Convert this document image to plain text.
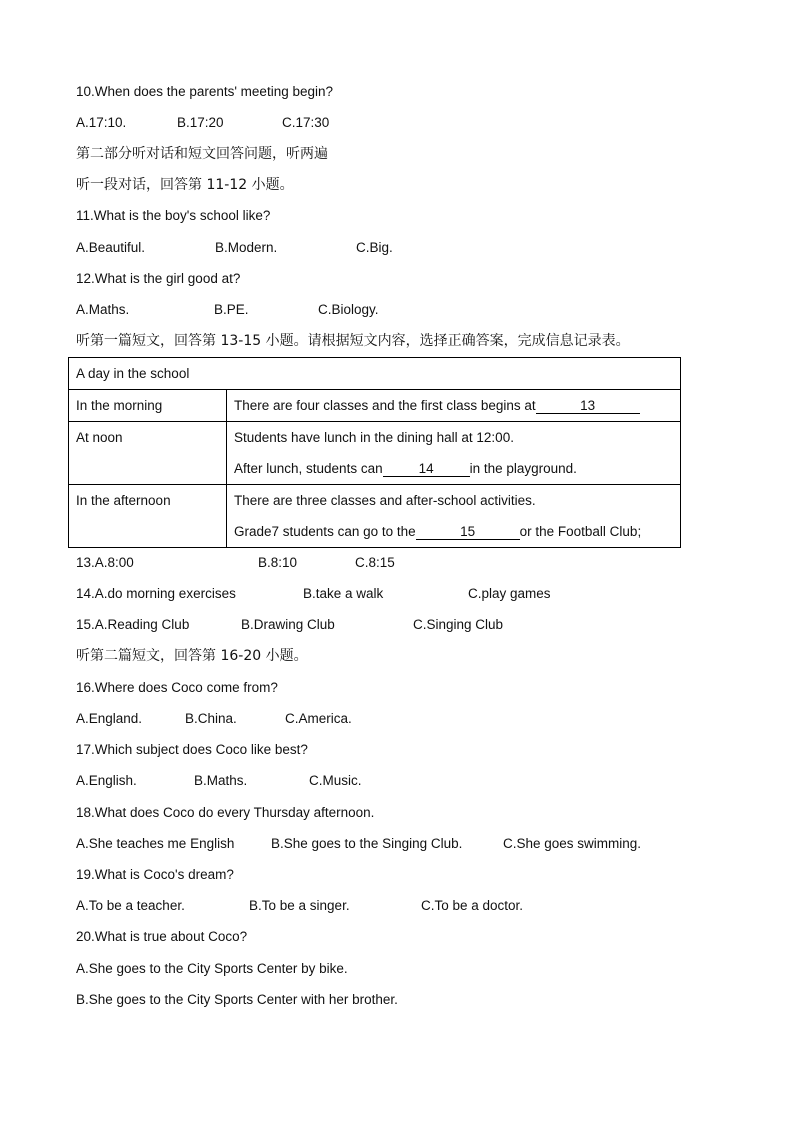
10.When does the parents' meeting begin?
A.17:10.	B.17:20	C.17:30
第二部分听对话和短文回答问题，听两遍
听一段对话，回答第 11-12 小题。
11.What is the boy's school like?
A.Beautiful.	B.Modern.	C.Big.
12.What is the girl good at?
A.Maths.	B.PE.	C.Biology.
听第一篇短文，回答第 13-15 小题。请根据短文内容，选择正确答案，完成信息记录表。
A day in the school	

In the morning	There are four classes and the first class begins at 13

At noon	Students have lunch in the dining hall at 12:00.
After lunch, students can 14 in the playground.

In the afternoon	There are three classes and after-school activities.
Grade7 students can go to the 15 or the Football Club;
13.A.8:00	B.8:10	C.8:15
14.A.do morning exercises	B.take a walk	C.play games
15.A.Reading Club	B.Drawing Club	C.Singing Club
听第二篇短文，回答第 16-20 小题。
16.Where does Coco come from?
A.England.	B.China.	C.America.
17.Which subject does Coco like best?
A.English.	B.Maths.	C.Music.
18.What does Coco do every Thursday afternoon.
A.She teaches me English	B.She goes to the Singing Club.	C.She goes swimming.
19.What is Coco's dream?
A.To be a teacher.	B.To be a singer.	C.To be a doctor.
20.What is true about Coco?
A.She goes to the City Sports Center by bike.
B.She goes to the City Sports Center with her brother.
